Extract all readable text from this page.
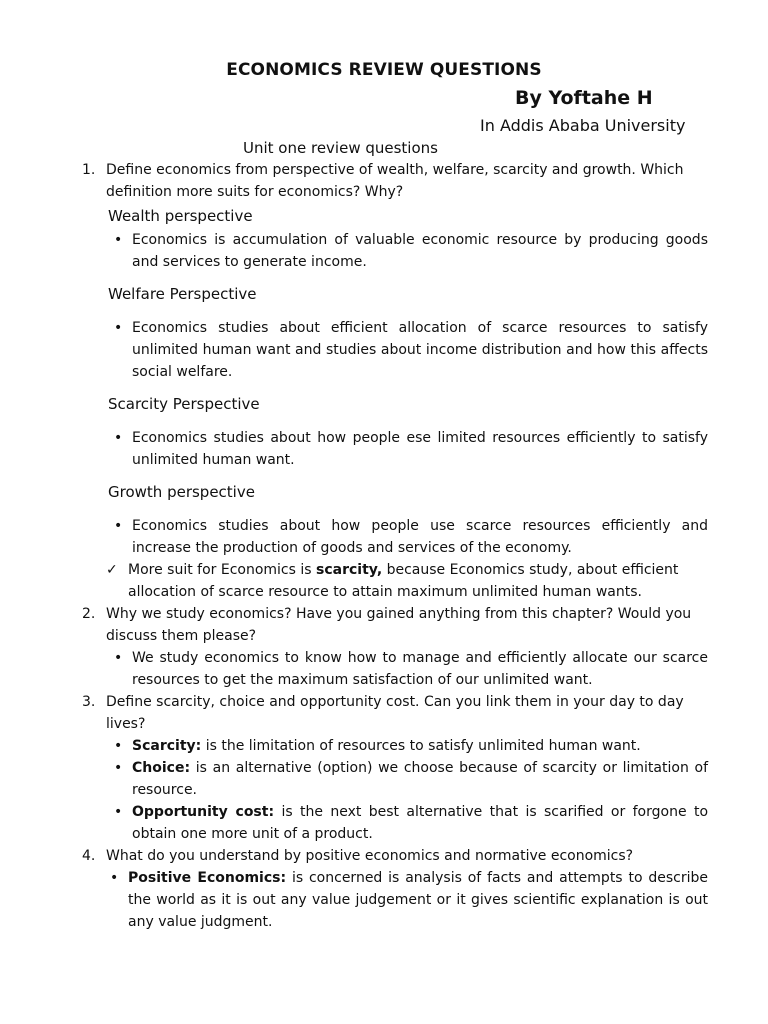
ECONOMICS REVIEW QUESTIONS
By Yoftahe H
In Addis Ababa University
Unit one review questions
1. Define economics from perspective of wealth, welfare, scarcity and growth. Which definition more suits for economics? Why?
Wealth perspective
• Economics is accumulation of valuable economic resource by producing goods and services to generate income.
Welfare Perspective
• Economics studies about efficient allocation of scarce resources to satisfy unlimited human want and studies about income distribution and how this affects social welfare.
Scarcity Perspective
• Economics studies about how people ese limited resources efficiently to satisfy unlimited human want.
Growth perspective
• Economics studies about how people use scarce resources efficiently and increase the production of goods and services of the economy.
✓ More suit for Economics is scarcity, because Economics study, about efficient allocation of scarce resource to attain maximum unlimited human wants.
2. Why we study economics? Have you gained anything from this chapter? Would you discuss them please?
• We study economics to know how to manage and efficiently allocate our scarce resources to get the maximum satisfaction of our unlimited want.
3. Define scarcity, choice and opportunity cost. Can you link them in your day to day lives?
• Scarcity: is the limitation of resources to satisfy unlimited human want.
• Choice: is an alternative (option) we choose because of scarcity or limitation of resource.
• Opportunity cost: is the next best alternative that is scarified or forgone to obtain one more unit of a product.
4. What do you understand by positive economics and normative economics?
• Positive Economics: is concerned is analysis of facts and attempts to describe the world as it is out any value judgement or it gives scientific explanation is out any value judgment.
